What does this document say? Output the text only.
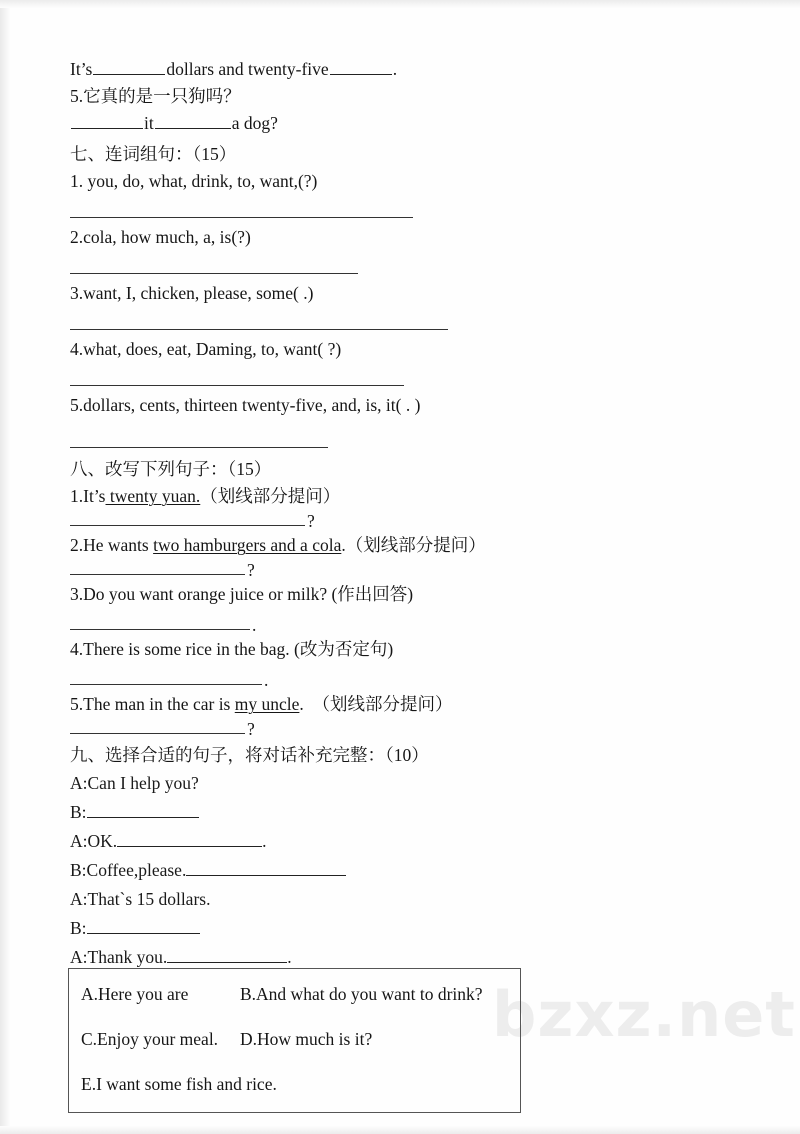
bzxz.net
It’s	dollars and twenty-five	.
5.它真的是一只狗吗？
it	a dog?
七、连词组句：（15）
1. you, do, what, drink, to, want,(?)
2.cola, how much, a, is(?)
3.want, I, chicken, please, some( .)
4.what, does, eat, Daming, to, want( ?)
5.dollars, cents, thirteen twenty-five, and, is, it( . )
八、改写下列句子：（15）
1.It’s twenty yuan.（划线部分提问）
?
2.He wants two hamburgers and a cola.（划线部分提问）
?
3.Do you want orange juice or milk? (作出回答)
.
4.There is some rice in the bag. (改为否定句)
.
5.The man in the car is my uncle.　（划线部分提问）
?
九、选择合适的句子，将对话补充完整：（10）
A:Can I help you?
B:
A:OK.	.
B:Coffee,please.
A:That`s 15 dollars.
B:
A:Thank you.	.
A.Here you are	B.And what do you want to drink?
C.Enjoy your meal. D.How much is it?
E.I want some fish and rice.
